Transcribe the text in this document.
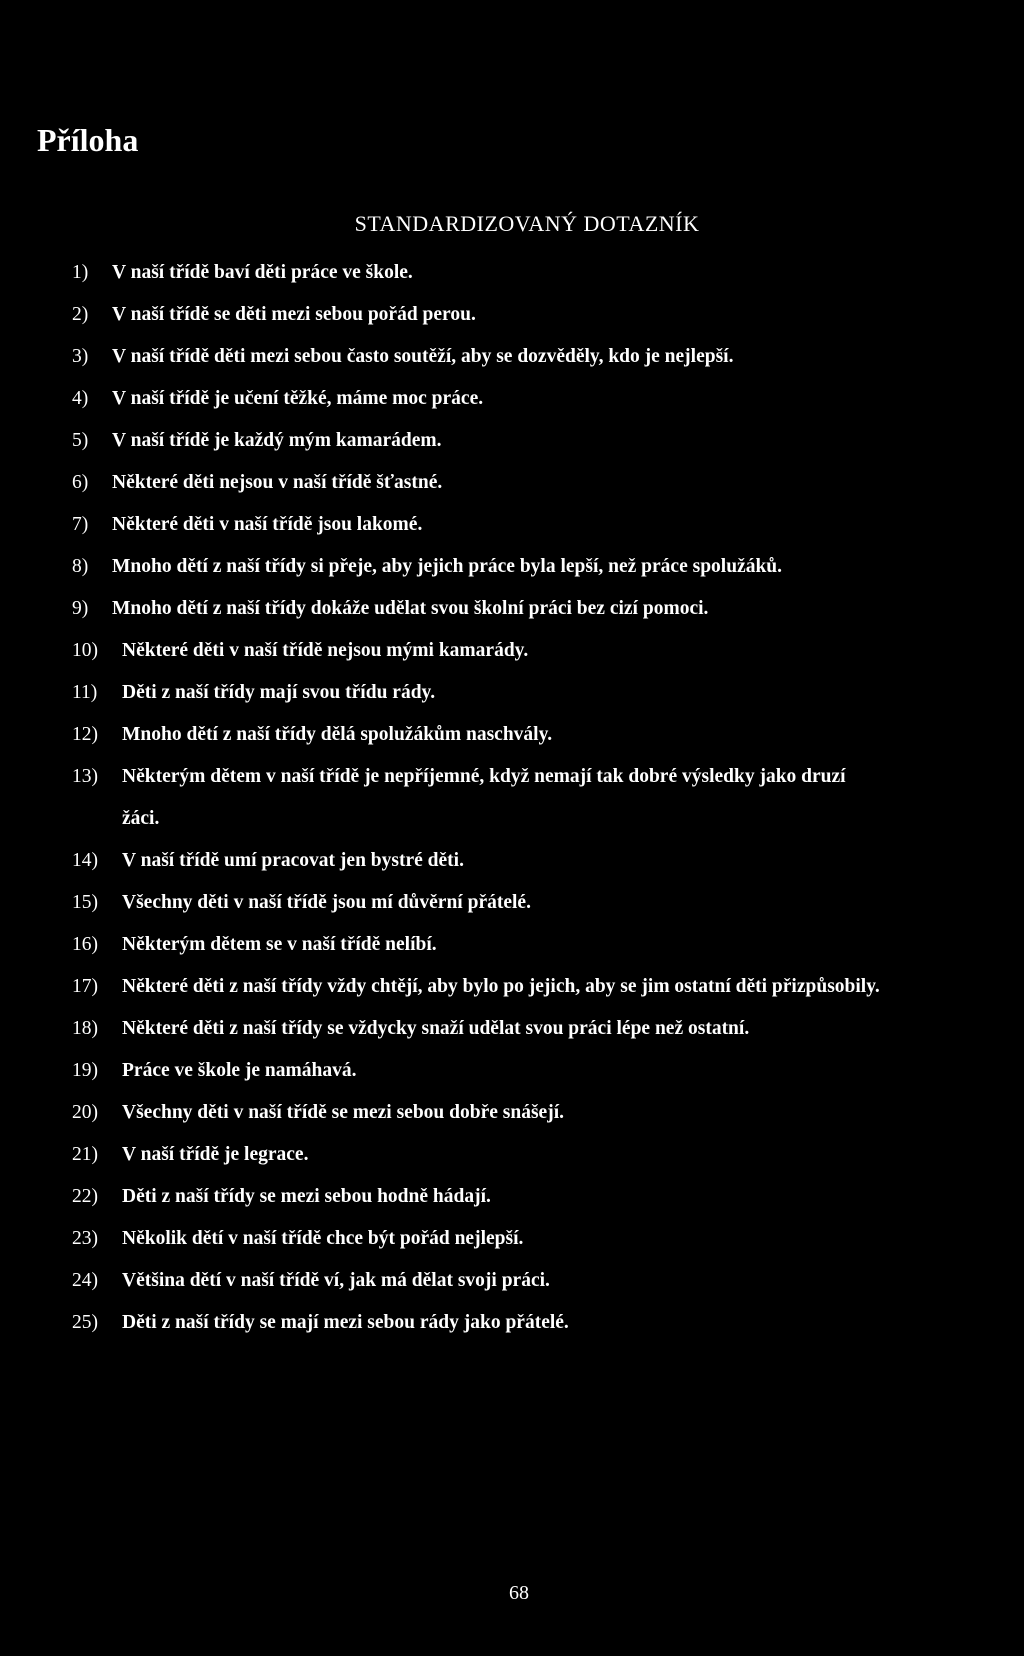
Příloha
STANDARDIZOVANÝ DOTAZNÍK
1) V naší třídě baví děti práce ve škole.
2) V naší třídě se děti mezi sebou pořád perou.
3) V naší třídě děti mezi sebou často soutěží, aby se dozvěděly, kdo je nejlepší.
4) V naší třídě je učení těžké, máme moc práce.
5) V naší třídě je každý mým kamarádem.
6) Některé děti nejsou v naší třídě šťastné.
7) Některé děti v naší třídě jsou lakomé.
8) Mnoho dětí z naší třídy si přeje, aby jejich práce byla lepší, než práce spolužáků.
9) Mnoho dětí z naší třídy dokáže udělat svou školní práci bez cizí pomoci.
10) Některé děti v naší třídě nejsou mými kamarády.
11) Děti z naší třídy mají svou třídu rády.
12) Mnoho dětí z naší třídy dělá spolužákům naschvály.
13) Některým dětem v naší třídě je nepříjemné, když nemají tak dobré výsledky jako druzí žáci.
14) V naší třídě umí pracovat jen bystré děti.
15) Všechny děti v naší třídě jsou mí důvěrní přátelé.
16) Některým dětem se v naší třídě nelíbí.
17) Některé děti z naší třídy vždy chtějí, aby bylo po jejich, aby se jim ostatní děti přizpůsobily.
18) Některé děti z naší třídy se vždycky snaží udělat svou práci lépe než ostatní.
19) Práce ve škole je namáhavá.
20) Všechny děti v naší třídě se mezi sebou dobře snášejí.
21) V naší třídě je legrace.
22) Děti z naší třídy se mezi sebou hodně hádají.
23) Několik dětí v naší třídě chce být pořád nejlepší.
24) Většina dětí v naší třídě ví, jak má dělat svoji práci.
25) Děti z naší třídy se mají mezi sebou rády jako přátelé.
68
